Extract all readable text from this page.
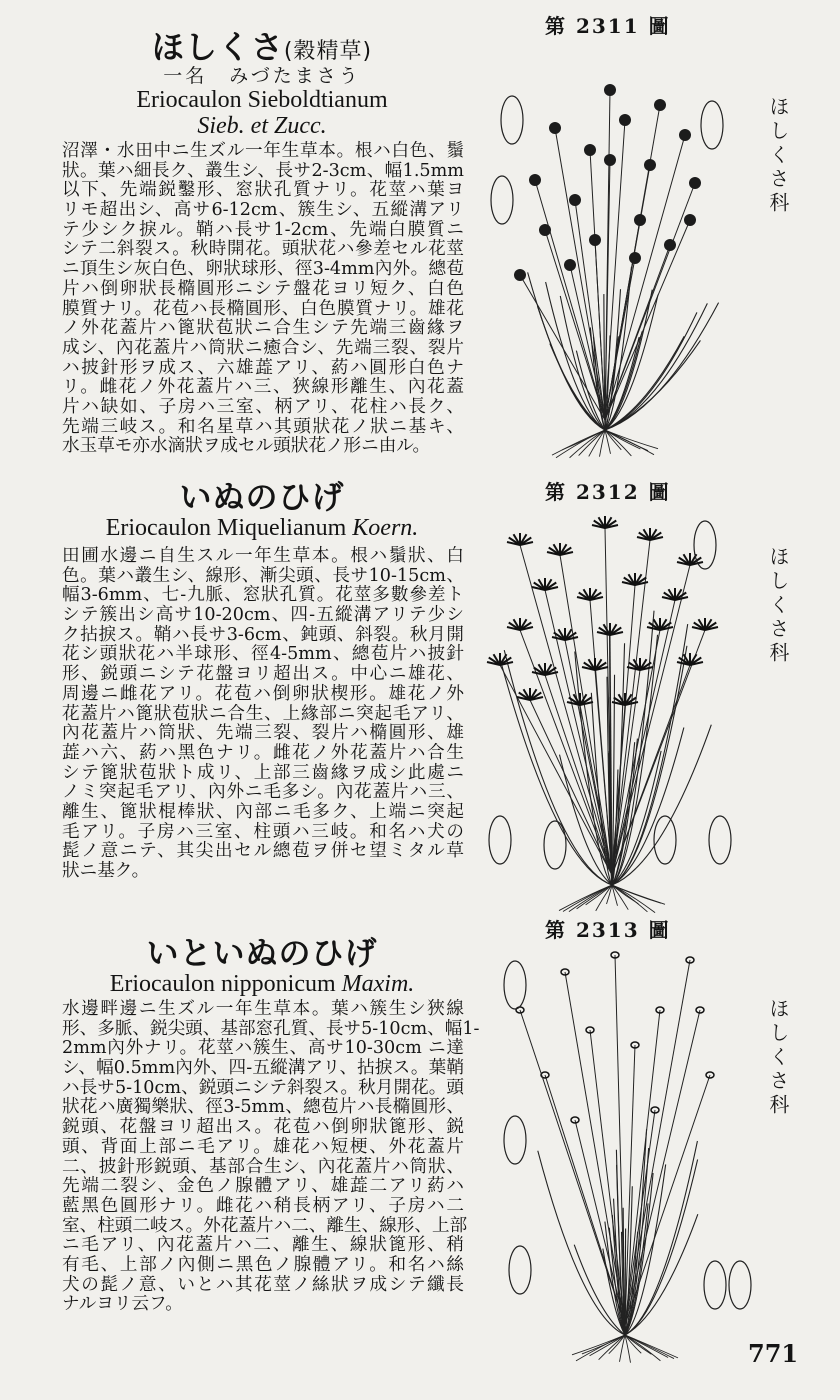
ほしくさ(穀精草)
一名　みづたまさう
Eriocaulon Sieboldtianum
Sieb. et Zucc.
沼澤・水田中ニ生ズル一年生草本。根ハ白色、鬚
狀。葉ハ細長ク、叢生シ、長サ2-3cm、幅1.5mm
以下、先端鋭鑿形、窓狀孔質ナリ。花莖ハ葉ヨ
リモ超出シ、高サ6-12cm、簇生シ、五縱溝アリ
テ少シク捩ル。鞘ハ長サ1-2cm、先端白膜質ニ
シテ二斜裂ス。秋時開花。頭狀花ハ參差セル花莖
ニ頂生シ灰白色、卵狀球形、徑3-4mm內外。總苞
片ハ倒卵狀長橢圓形ニシテ盤花ヨリ短ク、白色
膜質ナリ。花苞ハ長橢圓形、白色膜質ナリ。雄花
ノ外花蓋片ハ篦狀苞狀ニ合生シテ先端三齒緣ヲ
成シ、內花蓋片ハ筒狀ニ癒合シ、先端三裂、裂片
ハ披針形ヲ成ス、六雄蕋アリ、葯ハ圓形白色ナ
リ。雌花ノ外花蓋片ハ三、狹線形離生、內花蓋
片ハ缺如、子房ハ三室、柄アリ、花柱ハ長ク、
先端三岐ス。和名星草ハ其頭狀花ノ狀ニ基キ、
水玉草モ亦水滴狀ヲ成セル頭狀花ノ形ニ由ル。
いぬのひげ
Eriocaulon Miquelianum Koern.
田圃水邊ニ自生スル一年生草本。根ハ鬚狀、白
色。葉ハ叢生シ、線形、漸尖頭、長サ10-15cm、
幅3-6mm、七-九脈、窓狀孔質。花莖多數參差ト
シテ簇出シ高サ10-20cm、四-五縱溝アリテ少シ
ク拈捩ス。鞘ハ長サ3-6cm、鈍頭、斜裂。秋月開
花シ頭狀花ハ半球形、徑4-5mm、總苞片ハ披針
形、鋭頭ニシテ花盤ヨリ超出ス。中心ニ雄花、
周邊ニ雌花アリ。花苞ハ倒卵狀楔形。雄花ノ外
花蓋片ハ篦狀苞狀ニ合生、上緣部ニ突起毛アリ、
內花蓋片ハ筒狀、先端三裂、裂片ハ橢圓形、雄
蕋ハ六、葯ハ黑色ナリ。雌花ノ外花蓋片ハ合生
シテ篦狀苞狀ト成リ、上部三齒緣ヲ成シ此處ニ
ノミ突起毛アリ、內外ニ毛多シ。內花蓋片ハ三、
離生、篦狀棍棒狀、內部ニ毛多ク、上端ニ突起
毛アリ。子房ハ三室、柱頭ハ三岐。和名ハ犬の
髭ノ意ニテ、其尖出セル總苞ヲ併セ望ミタル草
狀ニ基ク。
いといぬのひげ
Eriocaulon nipponicum Maxim.
水邊畔邊ニ生ズル一年生草本。葉ハ簇生シ狹線
形、多脈、鋭尖頭、基部窓孔質、長サ5-10cm、幅1-
2mm內外ナリ。花莖ハ簇生、高サ10-30cm ニ達
シ、幅0.5mm內外、四-五縱溝アリ、拈捩ス。葉鞘
ハ長サ5-10cm、鋭頭ニシテ斜裂ス。秋月開花。頭
狀花ハ廣獨樂狀、徑3-5mm、總苞片ハ長橢圓形、
鋭頭、花盤ヨリ超出ス。花苞ハ倒卵狀篦形、鋭
頭、背面上部ニ毛アリ。雄花ハ短梗、外花蓋片
二、披針形鋭頭、基部合生シ、內花蓋片ハ筒狀、
先端二裂シ、金色ノ腺體アリ、雄蕋二アリ葯ハ
藍黑色圓形ナリ。雌花ハ稍長柄アリ、子房ハ二
室、柱頭二岐ス。外花蓋片ハ二、離生、線形、上部
ニ毛アリ、內花蓋片ハ二、離生、線狀篦形、稍
有毛、上部ノ內側ニ黑色ノ腺體アリ。和名ハ絲
犬の髭ノ意、いとハ其花莖ノ絲狀ヲ成シテ纖長
ナルヨリ云フ。
第 2311 圖
第 2312 圖
第 2313 圖
ほしくさ科
ほしくさ科
ほしくさ科
771
